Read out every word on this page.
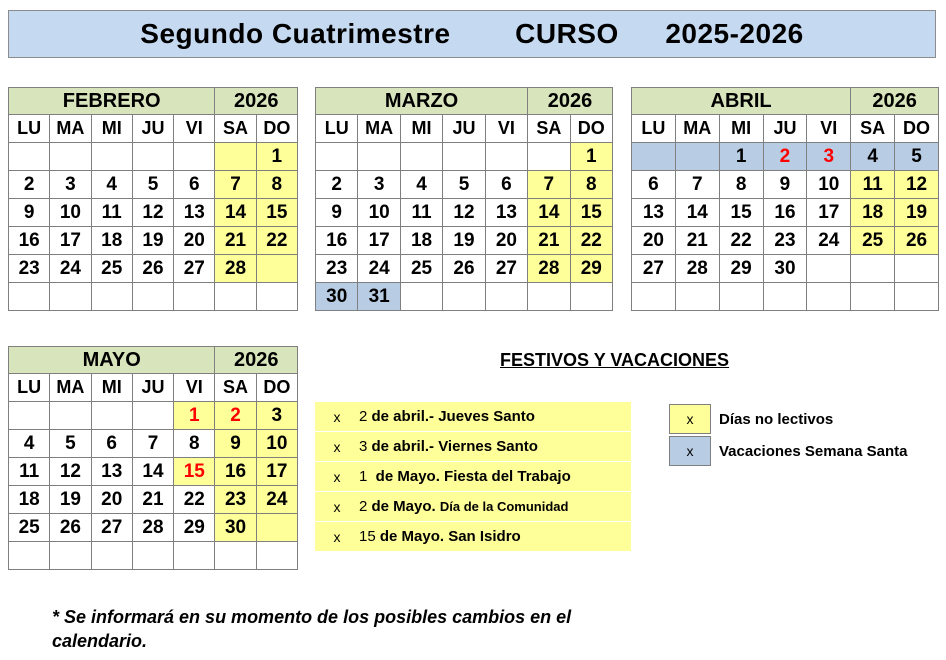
Segundo Cuatrimestre CURSO 2025-2026
FEBRERO					2026	
LU	MA	MI	JU	VI	SA	DO
						1
2	3	4	5	6	7	8
9	10	11	12	13	14	15
16	17	18	19	20	21	22
23	24	25	26	27	28	

MARZO					2026	
LU	MA	MI	JU	VI	SA	DO
						1
2	3	4	5	6	7	8
9	10	11	12	13	14	15
16	17	18	19	20	21	22
23	24	25	26	27	28	29
30	31					
ABRIL					2026	
LU	MA	MI	JU	VI	SA	DO
		1	2	3	4	5
6	7	8	9	10	11	12
13	14	15	16	17	18	19
20	21	22	23	24	25	26
27	28	29	30			

MAYO					2026	
LU	MA	MI	JU	VI	SA	DO
				1	2	3
4	5	6	7	8	9	10
11	12	13	14	15	16	17
18	19	20	21	22	23	24
25	26	27	28	29	30	

FESTIVOS Y VACACIONES
x	2 de abril.- Jueves Santo
x	3 de abril.- Viernes Santo
x	1  de Mayo. Fiesta del Trabajo
x	2 de Mayo. Día de la Comunidad
x	15 de Mayo. San Isidro
x	Días no lectivos
x	Vacaciones Semana Santa
* Se informará en su momento de los posibles cambios en el calendario.
